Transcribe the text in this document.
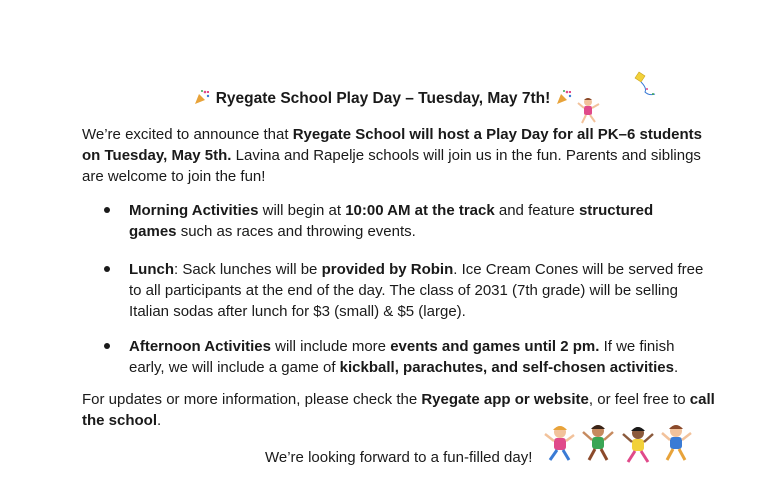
Ryegate School Play Day – Tuesday, May 7th!
We’re excited to announce that Ryegate School will host a Play Day for all PK–6 students on Tuesday, May 5th. Lavina and Rapelje schools will join us in the fun. Parents and siblings are welcome to join the fun!
Morning Activities will begin at 10:00 AM at the track and feature structured games such as races and throwing events.
Lunch: Sack lunches will be provided by Robin. Ice Cream Cones will be served free to all participants at the end of the day. The class of 2031 (7th grade) will be selling Italian sodas after lunch for $3 (small) & $5 (large).
Afternoon Activities will include more events and games until 2 pm. If we finish early, we will include a game of kickball, parachutes, and self-chosen activities.
For updates or more information, please check the Ryegate app or website, or feel free to call the school.
We’re looking forward to a fun-filled day!
